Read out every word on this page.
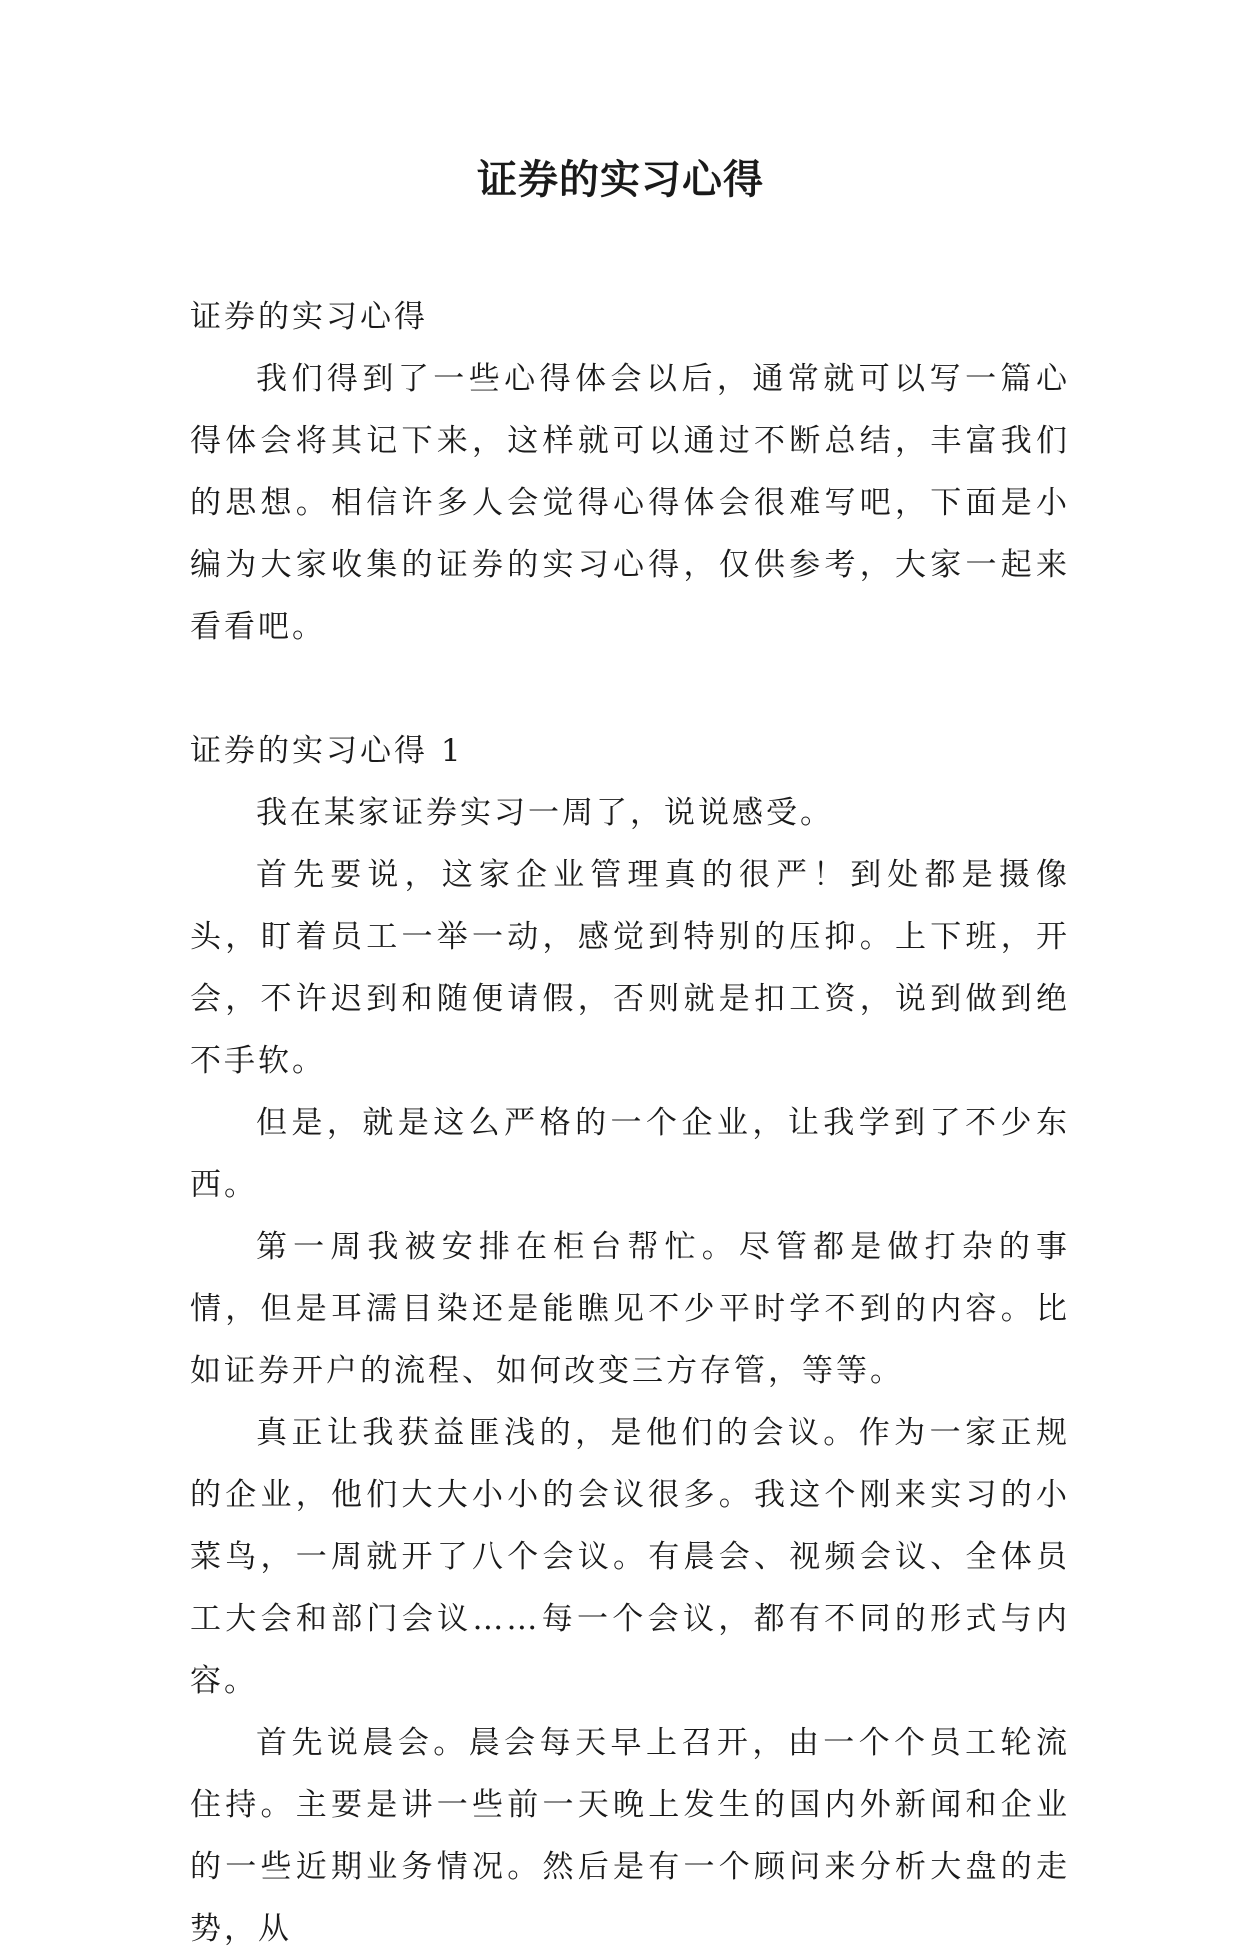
证券的实习心得

证券的实习心得

我们得到了一些心得体会以后，通常就可以写一篇心得体会将其记下来，这样就可以通过不断总结，丰富我们的思想。相信许多人会觉得心得体会很难写吧，下面是小编为大家收集的证券的实习心得，仅供参考，大家一起来看看吧。

证券的实习心得 1

我在某家证券实习一周了，说说感受。

首先要说，这家企业管理真的很严！到处都是摄像头，盯着员工一举一动，感觉到特别的压抑。上下班，开会，不许迟到和随便请假，否则就是扣工资，说到做到绝不手软。

但是，就是这么严格的一个企业，让我学到了不少东西。

第一周我被安排在柜台帮忙。尽管都是做打杂的事情，但是耳濡目染还是能瞧见不少平时学不到的内容。比如证券开户的流程、如何改变三方存管，等等。

真正让我获益匪浅的，是他们的会议。作为一家正规的企业，他们大大小小的会议很多。我这个刚来实习的小菜鸟，一周就开了八个会议。有晨会、视频会议、全体员工大会和部门会议……每一个会议，都有不同的形式与内容。

首先说晨会。晨会每天早上召开，由一个个员工轮流住持。主要是讲一些前一天晚上发生的国内外新闻和企业的一些近期业务情况。然后是有一个顾问来分析大盘的走势，从
